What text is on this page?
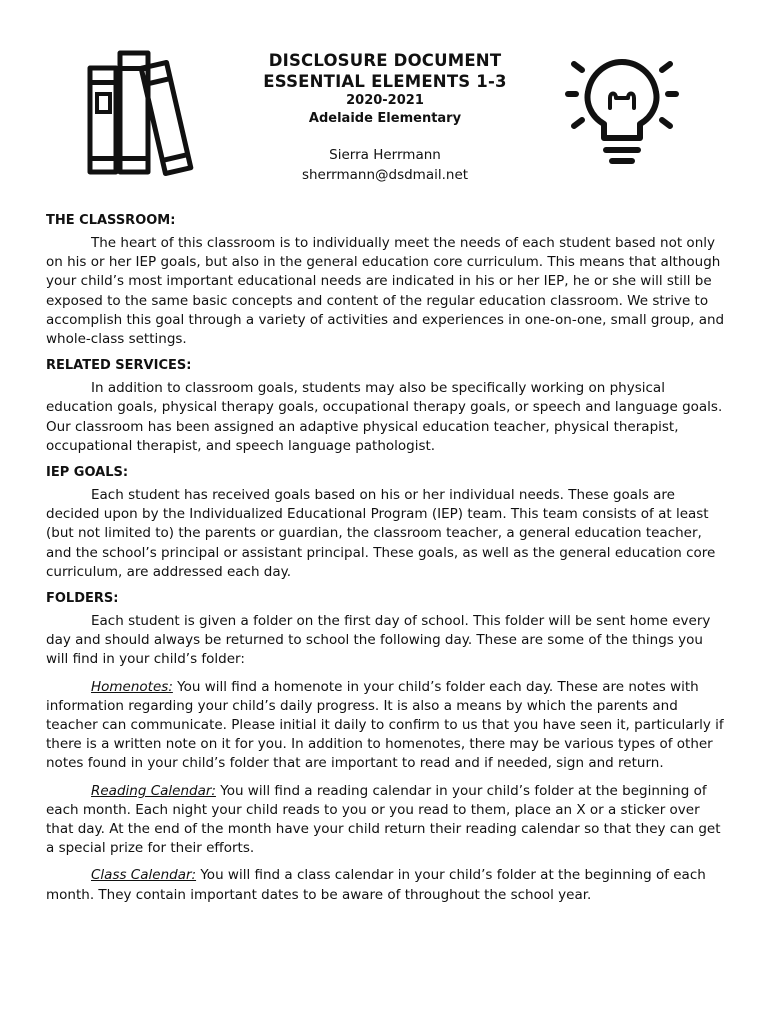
DISCLOSURE DOCUMENT
ESSENTIAL ELEMENTS 1-3
2020-2021
Adelaide Elementary
Sierra Herrmann
sherrmann@dsdmail.net
THE CLASSROOM:

The heart of this classroom is to individually meet the needs of each student based not only on his or her IEP goals, but also in the general education core curriculum. This means that although your child’s most important educational needs are indicated in his or her IEP, he or she will still be exposed to the same basic concepts and content of the regular education classroom. We strive to accomplish this goal through a variety of activities and experiences in one-on-one, small group, and whole-class settings.

RELATED SERVICES:

In addition to classroom goals, students may also be specifically working on physical education goals, physical therapy goals, occupational therapy goals, or speech and language goals. Our classroom has been assigned an adaptive physical education teacher, physical therapist, occupational therapist, and speech language pathologist.

IEP GOALS:

Each student has received goals based on his or her individual needs. These goals are decided upon by the Individualized Educational Program (IEP) team. This team consists of at least (but not limited to) the parents or guardian, the classroom teacher, a general education teacher, and the school’s principal or assistant principal. These goals, as well as the general education core curriculum, are addressed each day.

FOLDERS:

Each student is given a folder on the first day of school. This folder will be sent home every day and should always be returned to school the following day. These are some of the things you will find in your child’s folder:

Homenotes: You will find a homenote in your child’s folder each day. These are notes with information regarding your child’s daily progress. It is also a means by which the parents and teacher can communicate. Please initial it daily to confirm to us that you have seen it, particularly if there is a written note on it for you. In addition to homenotes, there may be various types of other notes found in your child’s folder that are important to read and if needed, sign and return.

Reading Calendar: You will find a reading calendar in your child’s folder at the beginning of each month. Each night your child reads to you or you read to them, place an X or a sticker over that day. At the end of the month have your child return their reading calendar so that they can get a special prize for their efforts.

Class Calendar: You will find a class calendar in your child’s folder at the beginning of each month. They contain important dates to be aware of throughout the school year.
